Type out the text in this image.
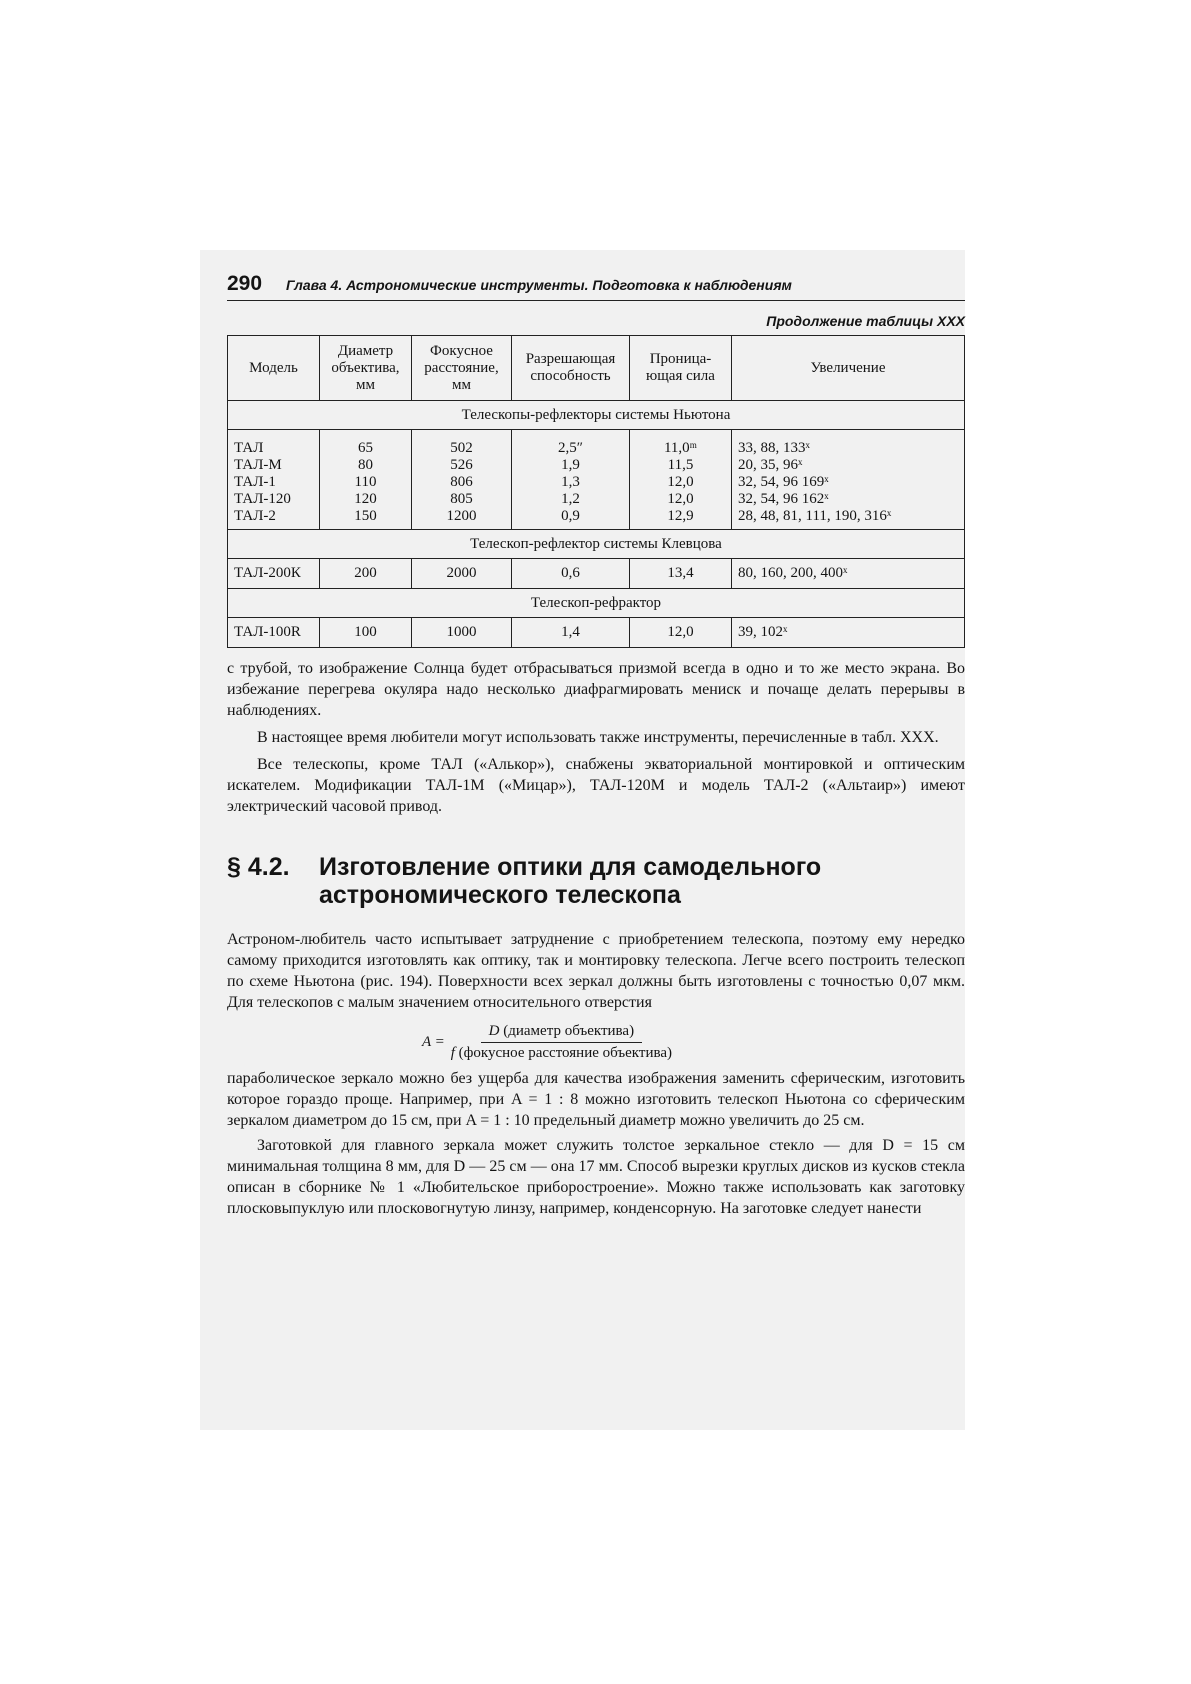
290 Глава 4. Астрономические инструменты. Подготовка к наблюдениям
Продолжение таблицы XXX
Модель	Диаметр объектива, мм	Фокусное расстояние, мм	Разрешающая способность	Проница-ющая сила	Увеличение
Телескопы-рефлекторы системы Ньютона					
ТАЛ	65	502	2,5″	11,0ᵐ	33, 88, 133ˣ
ТАЛ-М	80	526	1,9	11,5	20, 35, 96ˣ
ТАЛ-1	110	806	1,3	12,0	32, 54, 96 169ˣ
ТАЛ-120	120	805	1,2	12,0	32, 54, 96 162ˣ
ТАЛ-2	150	1200	0,9	12,9	28, 48, 81, 111, 190, 316ˣ
Телескоп-рефлектор системы Клевцова					
ТАЛ-200К	200	2000	0,6	13,4	80, 160, 200, 400ˣ
Телескоп-рефрактор					
ТАЛ-100R	100	1000	1,4	12,0	39, 102ˣ

с трубой, то изображение Солнца будет отбрасываться призмой всегда в одно и то же место экрана. Во избежание перегрева окуляра надо несколько диафрагмировать мениск и почаще делать перерывы в наблюдениях.

В настоящее время любители могут использовать также инструменты, перечисленные в табл. XXX.

Все телескопы, кроме ТАЛ («Алькор»), снабжены экваториальной монтировкой и оптическим искателем. Модификации ТАЛ-1М («Мицар»), ТАЛ-120М и модель ТАЛ-2 («Альтаир») имеют электрический часовой привод.

§ 4.2.	Изготовление оптики для самодельного астрономического телескопа

Астроном-любитель часто испытывает затруднение с приобретением телескопа, поэтому ему нередко самому приходится изготовлять как оптику, так и монтировку телескопа. Легче всего построить телескоп по схеме Ньютона (рис. 194). Поверхности всех зеркал должны быть изготовлены с точностью 0,07 мкм. Для телескопов с малым значением относительного отверстия

$A = \frac{\text{D (диаметр объектива)}}{\text{f (фокусное расстояние объектива)}}$

параболическое зеркало можно без ущерба для качества изображения заменить сферическим, изготовить которое гораздо проще. Например, при A = 1 : 8 можно изготовить телескоп Ньютона со сферическим зеркалом диаметром до 15 см, при A = 1 : 10 предельный диаметр можно увеличить до 25 см.

Заготовкой для главного зеркала может служить толстое зеркальное стекло — для D = 15 см минимальная толщина 8 мм, для D — 25 см — она 17 мм. Способ вырезки круглых дисков из кусков стекла описан в сборнике № 1 «Любительское приборостроение». Можно также использовать как заготовку плосковыпуклую или плосковогнутую линзу, например, конденсорную. На заготовке следует нанести
